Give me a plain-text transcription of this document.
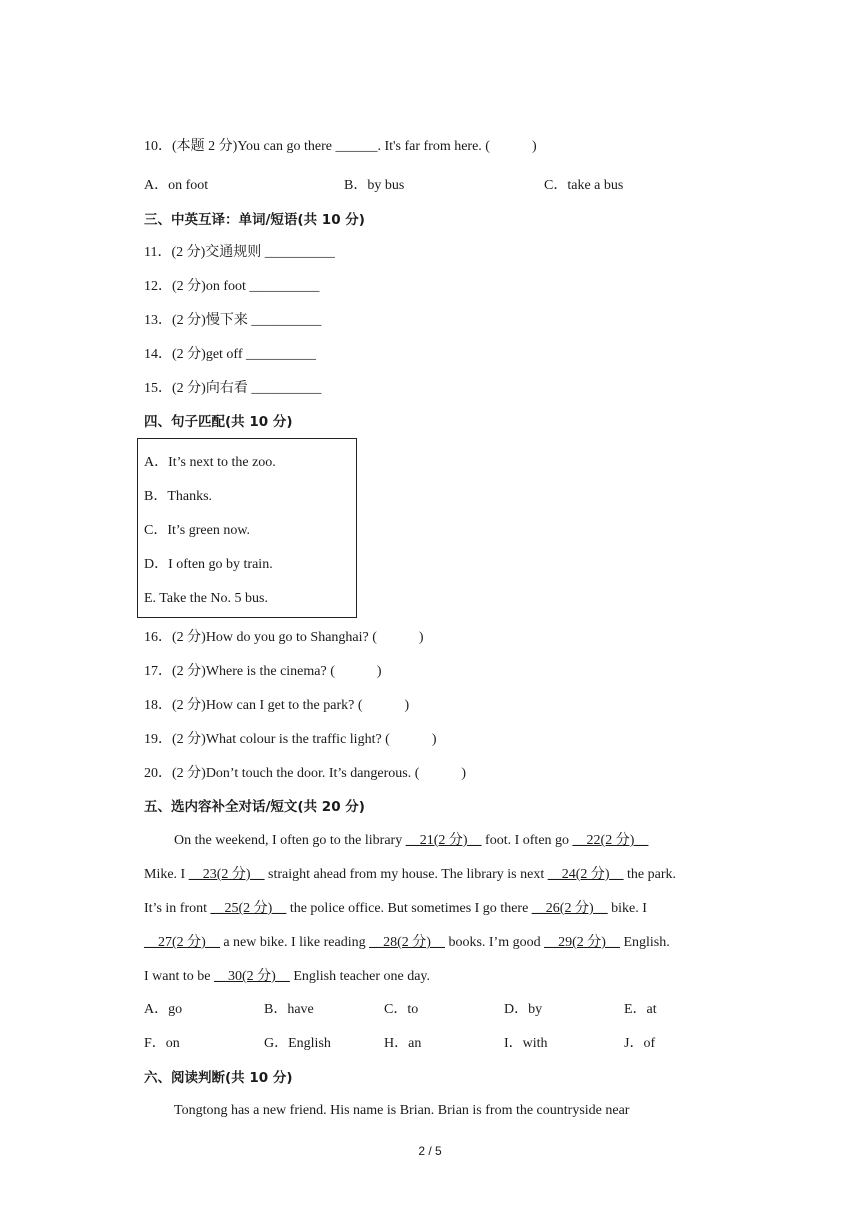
10．(本题 2 分)You can go there ______. It's far from here. (　　　)
A．on foot	B．by bus	C．take a bus
三、中英互译：单词/短语(共 10 分)
11．(2 分)交通规则 __________
12．(2 分)on foot __________
13．(2 分)慢下来 __________
14．(2 分)get off __________
15．(2 分)向右看 __________
四、句子匹配(共 10 分)
A．It’s next to the zoo.
B．Thanks.
C．It’s green now.
D．I often go by train.
E. Take the No. 5 bus.
16．(2 分)How do you go to Shanghai? (　　　)
17．(2 分)Where is the cinema? (　　　)
18．(2 分)How can I get to the park? (　　　)
19．(2 分)What colour is the traffic light? (　　　)
20．(2 分)Don’t touch the door. It’s dangerous. (　　　)
五、选内容补全对话/短文(共 20 分)
On the weekend, I often go to the library __21(2 分)__ foot. I often go __22(2 分)__
Mike. I __23(2 分)__ straight ahead from my house. The library is next __24(2 分)__ the park.
It’s in front __25(2 分)__ the police office. But sometimes I go there __26(2 分)__ bike. I
__27(2 分)__ a new bike. I like reading __28(2 分)__ books. I’m good __29(2 分)__ English.
I want to be __30(2 分)__ English teacher one day.
A．go	B．have	C．to	D．by	E．at
F．on	G．English	H．an	I．with	J．of
六、阅读判断(共 10 分)
Tongtong has a new friend. His name is Brian. Brian is from the countryside near
2 / 5
